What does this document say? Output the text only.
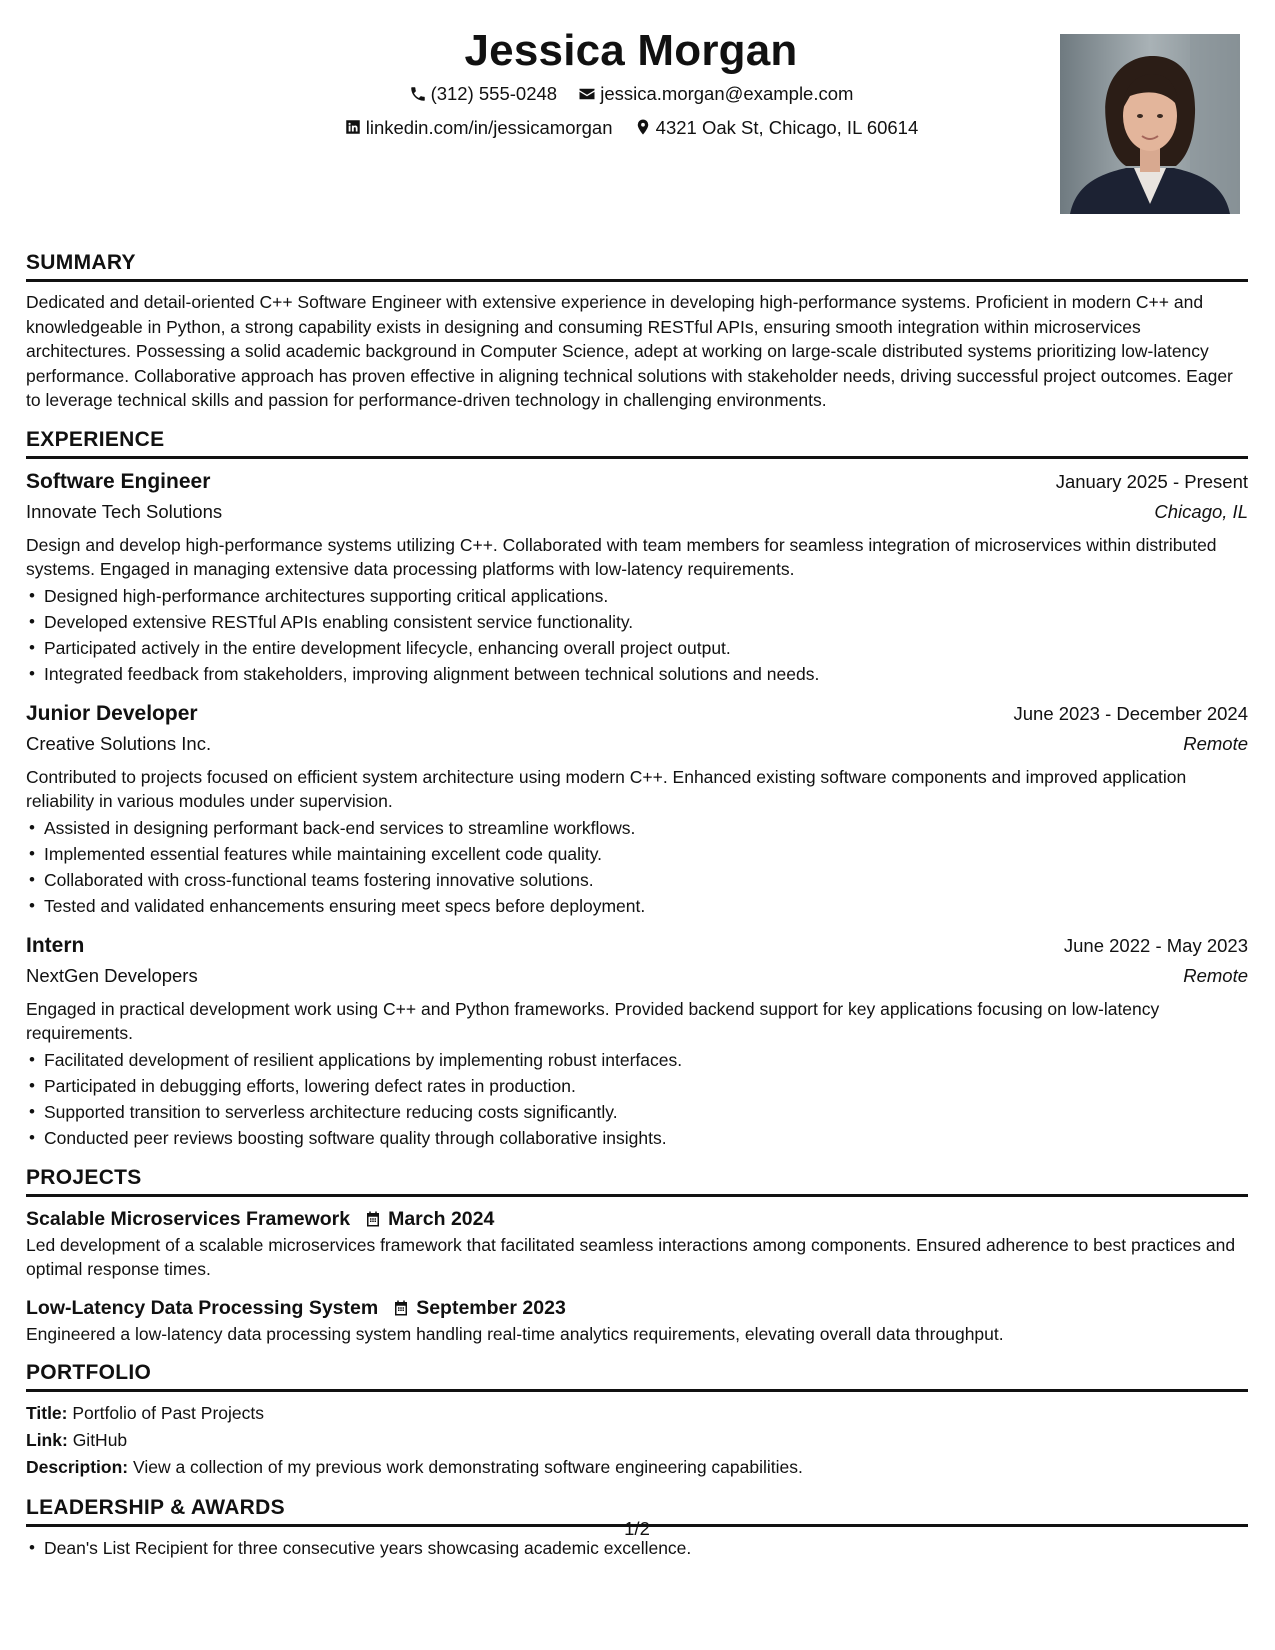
Jessica Morgan
(312) 555-0248
jessica.morgan@example.com
linkedin.com/in/jessicamorgan
4321 Oak St, Chicago, IL 60614
SUMMARY
Dedicated and detail-oriented C++ Software Engineer with extensive experience in developing high-performance systems. Proficient in modern C++ and knowledgeable in Python, a strong capability exists in designing and consuming RESTful APIs, ensuring smooth integration within microservices architectures. Possessing a solid academic background in Computer Science, adept at working on large-scale distributed systems prioritizing low-latency performance. Collaborative approach has proven effective in aligning technical solutions with stakeholder needs, driving successful project outcomes. Eager to leverage technical skills and passion for performance-driven technology in challenging environments.
EXPERIENCE
Software Engineer	January 2025 - Present
Innovate Tech Solutions	Chicago, IL
Design and develop high-performance systems utilizing C++. Collaborated with team members for seamless integration of microservices within distributed systems. Engaged in managing extensive data processing platforms with low-latency requirements.
• Designed high-performance architectures supporting critical applications.
• Developed extensive RESTful APIs enabling consistent service functionality.
• Participated actively in the entire development lifecycle, enhancing overall project output.
• Integrated feedback from stakeholders, improving alignment between technical solutions and needs.
Junior Developer	June 2023 - December 2024
Creative Solutions Inc.	Remote
Contributed to projects focused on efficient system architecture using modern C++. Enhanced existing software components and improved application reliability in various modules under supervision.
• Assisted in designing performant back-end services to streamline workflows.
• Implemented essential features while maintaining excellent code quality.
• Collaborated with cross-functional teams fostering innovative solutions.
• Tested and validated enhancements ensuring meet specs before deployment.
Intern	June 2022 - May 2023
NextGen Developers	Remote
Engaged in practical development work using C++ and Python frameworks. Provided backend support for key applications focusing on low-latency requirements.
• Facilitated development of resilient applications by implementing robust interfaces.
• Participated in debugging efforts, lowering defect rates in production.
• Supported transition to serverless architecture reducing costs significantly.
• Conducted peer reviews boosting software quality through collaborative insights.
PROJECTS
Scalable Microservices Framework March 2024
Led development of a scalable microservices framework that facilitated seamless interactions among components. Ensured adherence to best practices and optimal response times.
Low-Latency Data Processing System September 2023
Engineered a low-latency data processing system handling real-time analytics requirements, elevating overall data throughput.
PORTFOLIO
Title: Portfolio of Past Projects
Link: GitHub
Description: View a collection of my previous work demonstrating software engineering capabilities.
LEADERSHIP & AWARDS
• Dean's List Recipient for three consecutive years showcasing academic excellence.
1/2
